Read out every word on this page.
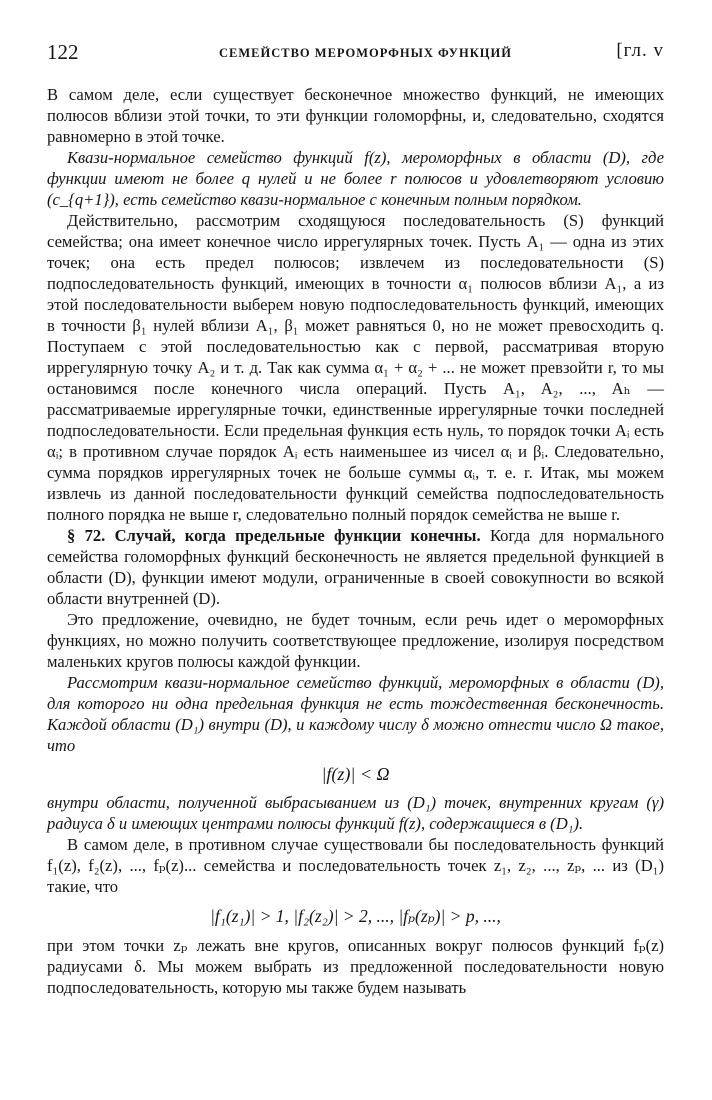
122	СЕМЕЙСТВО МЕРОМОРФНЫХ ФУНКЦИЙ	[гл. v

В самом деле, если существует бесконечное множество функций, не имеющих полюсов вблизи этой точки, то эти функции голоморфны, и, следовательно, сходятся равномерно в этой точке.

Квази-нормальное семейство функций f(z), мероморфных в области (D), где функции имеют не более q нулей и не более r полюсов и удовлетворяют условию (c_{q+1}), есть семейство квази-нормальное с конечным полным порядком.

Действительно, рассмотрим сходящуюся последовательность (S) функций семейства; она имеет конечное число иррегулярных точек. Пусть A₁ — одна из этих точек; она есть предел полюсов; извлечем из последовательности (S) подпоследовательность функций, имеющих в точности α₁ полюсов вблизи A₁, а из этой последовательности выберем новую подпоследовательность функций, имеющих в точности β₁ нулей вблизи A₁, β₁ может равняться 0, но не может превосходить q. Поступаем с этой последовательностью как с первой, рассматривая вторую иррегулярную точку A₂ и т. д. Так как сумма α₁ + α₂ + ... не может превзойти r, то мы остановимся после конечного числа операций. Пусть A₁, A₂, ..., Aₕ — рассматриваемые иррегулярные точки, единственные иррегулярные точки последней подпоследовательности. Если предельная функция есть нуль, то порядок точки Aᵢ есть αᵢ; в противном случае порядок Aᵢ есть наименьшее из чисел αᵢ и βᵢ. Следовательно, сумма порядков иррегулярных точек не больше суммы αᵢ, т. е. r. Итак, мы можем извлечь из данной последовательности функций семейства подпоследовательность полного порядка не выше r, следовательно полный порядок семейства не выше r.

§ 72. Случай, когда предельные функции конечны. Когда для нормального семейства голоморфных функций бесконечность не является предельной функцией в области (D), функции имеют модули, ограниченные в своей совокупности во всякой области внутренней (D).

Это предложение, очевидно, не будет точным, если речь идет о мероморфных функциях, но можно получить соответствующее предложение, изолируя посредством маленьких кругов полюсы каждой функции.

Рассмотрим квази-нормальное семейство функций, мероморфных в области (D), для которого ни одна предельная функция не есть тождественная бесконечность. Каждой области (D₁) внутри (D), и каждому числу δ можно отнести число Ω такое, что

|f(z)| < Ω

внутри области, полученной выбрасыванием из (D₁) точек, внутренних кругам (γ) радиуса δ и имеющих центрами полюсы функций f(z), содержащиеся в (D₁).

В самом деле, в противном случае существовали бы последовательность функций f₁(z), f₂(z), ..., fₚ(z)... семейства и последовательность точек z₁, z₂, ..., zₚ, ... из (D₁) такие, что

|f₁(z₁)| > 1, |f₂(z₂)| > 2, ..., |fₚ(zₚ)| > p, ...,

при этом точки zₚ лежать вне кругов, описанных вокруг полюсов функций fₚ(z) радиусами δ. Мы можем выбрать из предложенной последовательности новую подпоследовательность, которую мы также будем называть
